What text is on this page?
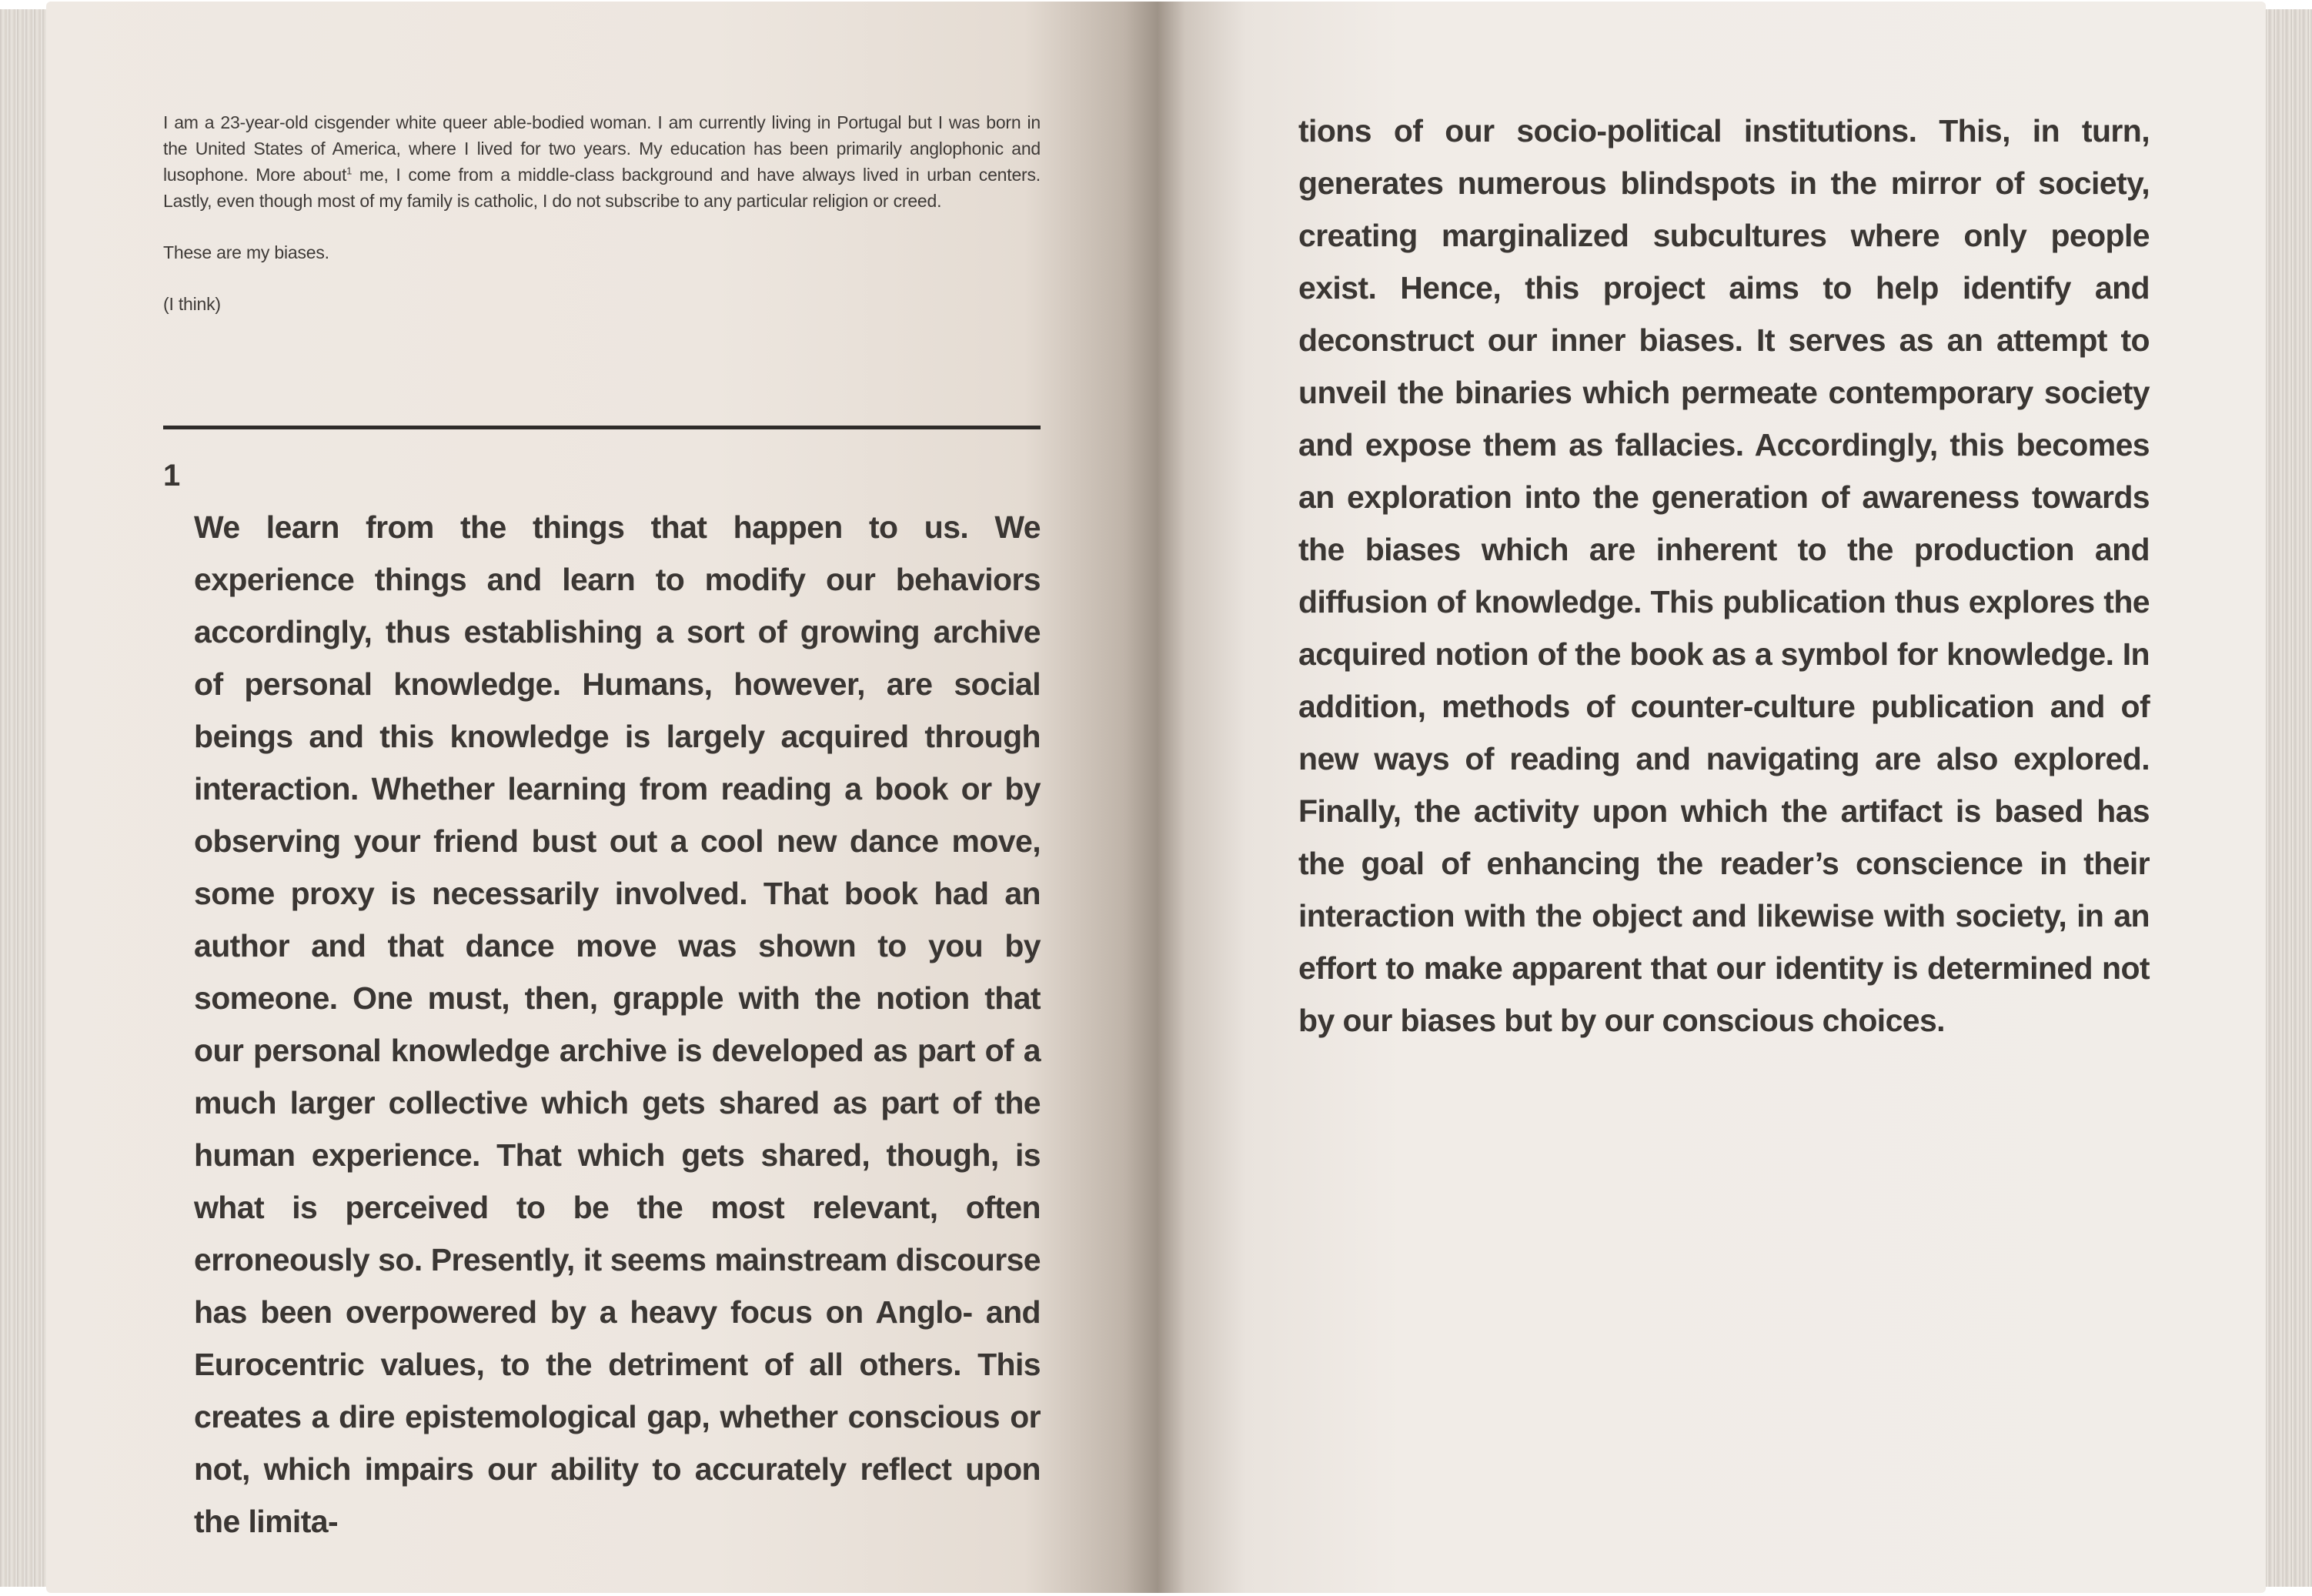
I am a 23-year-old cisgender white queer able-bodied woman. I am currently living in Portugal but I was born in the United States of America, where I lived for two years. My education has been primarily anglophonic and lusophone. More about$^1$ me, I come from a middle-class background and have always lived in urban centers. Lastly, even though most of my family is catholic, I do not subscribe to any particular religion or creed.

These are my biases.

(I think)

1

We learn from the things that happen to us. We experience things and learn to modify our behaviors accordingly, thus establishing a sort of growing archive of personal knowledge. Humans, however, are social beings and this knowledge is largely acquired through interaction. Whether learning from reading a book or by observing your friend bust out a cool new dance move, some proxy is necessarily involved. That book had an author and that dance move was shown to you by someone. One must, then, grapple with the notion that our personal knowledge archive is developed as part of a much larger collective which gets shared as part of the human experience. That which gets shared, though, is what is perceived to be the most relevant, often erroneously so. Presently, it seems mainstream discourse has been overpowered by a heavy focus on Anglo- and Eurocentric values, to the detriment of all others. This creates a dire epistemological gap, whether conscious or not, which impairs our ability to accurately reflect upon the limita-

tions of our socio-political institutions. This, in turn, generates numerous blindspots in the mirror of society, creating marginalized subcultures where only people exist. Hence, this project aims to help identify and deconstruct our inner biases. It serves as an attempt to unveil the binaries which permeate contemporary society and expose them as fallacies. Accordingly, this becomes an exploration into the generation of awareness towards the biases which are inherent to the production and diffusion of knowledge. This publication thus explores the acquired notion of the book as a symbol for knowledge. In addition, methods of counter-culture publication and of new ways of reading and navigating are also explored. Finally, the activity upon which the artifact is based has the goal of enhancing the reader’s conscience in their interaction with the object and likewise with society, in an effort to make apparent that our identity is determined not by our biases but by our conscious choices.
